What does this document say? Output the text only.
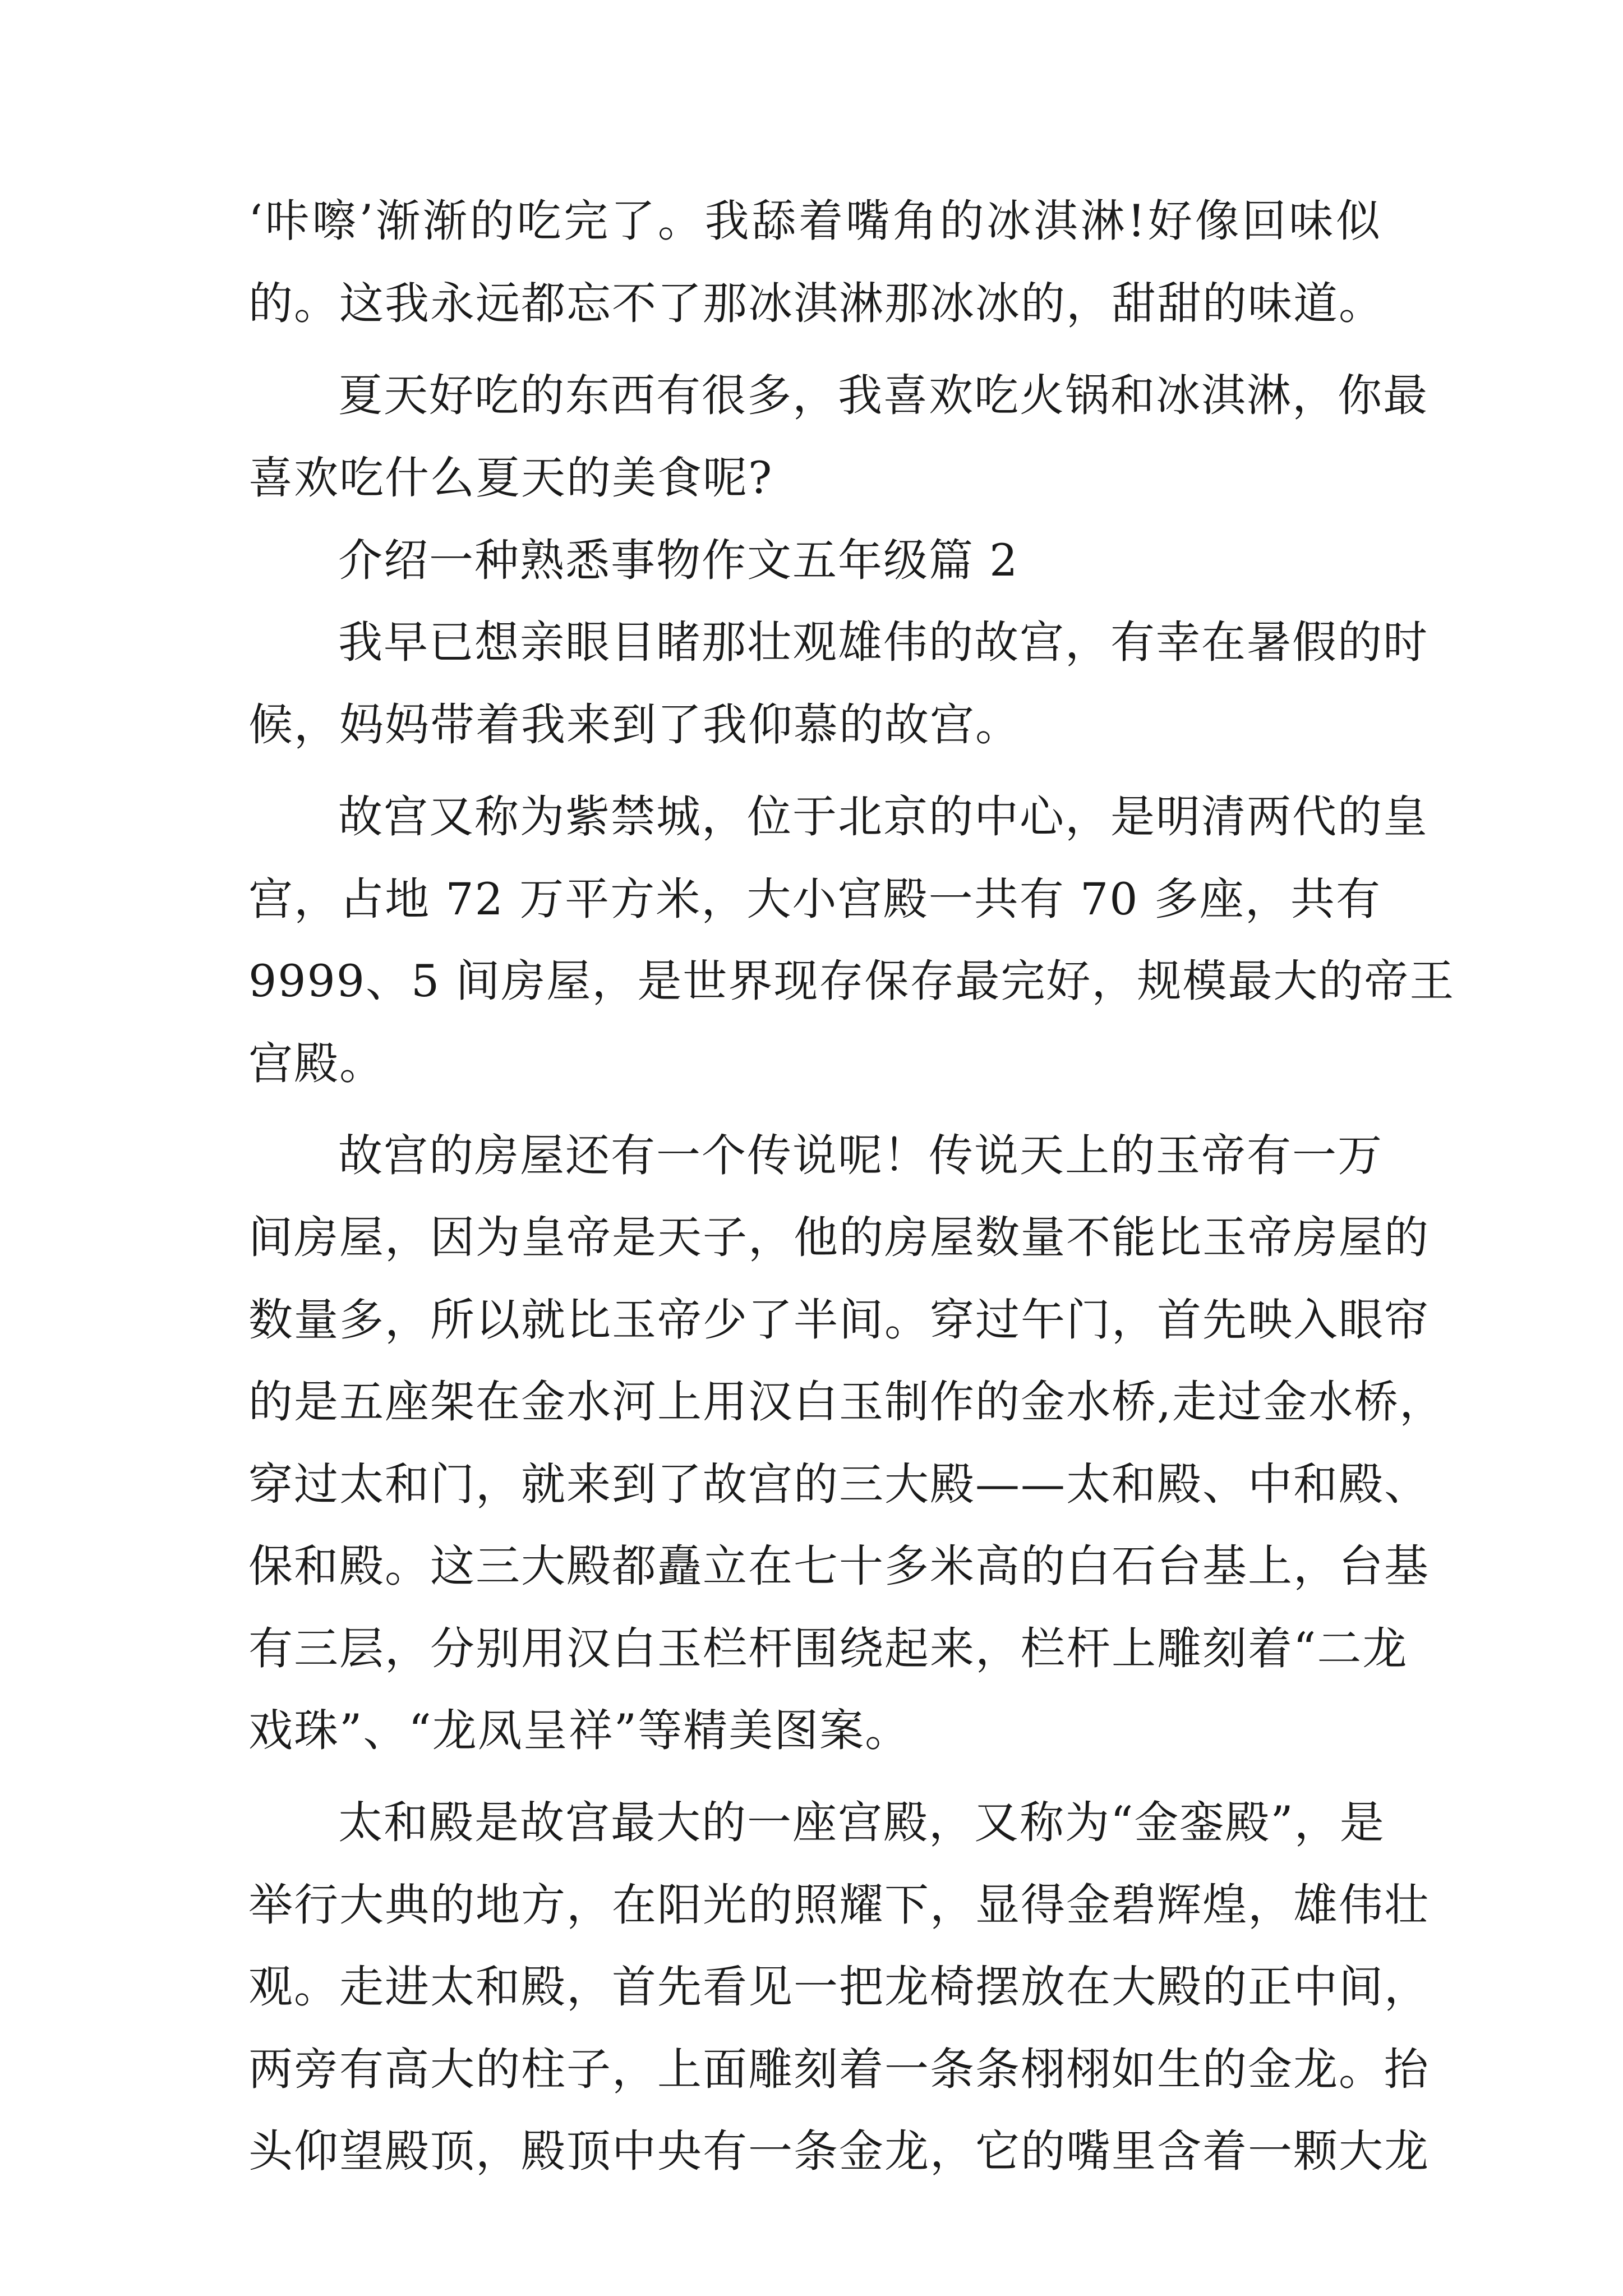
‘咔嚓’渐渐的吃完了。我舔着嘴角的冰淇淋!好像回味似
的。这我永远都忘不了那冰淇淋那冰冰的，甜甜的味道。
夏天好吃的东西有很多，我喜欢吃火锅和冰淇淋，你最
喜欢吃什么夏天的美食呢?
介绍一种熟悉事物作文五年级篇 2
我早已想亲眼目睹那壮观雄伟的故宫，有幸在暑假的时
候，妈妈带着我来到了我仰慕的故宫。
故宫又称为紫禁城，位于北京的中心，是明清两代的皇
宫，占地 72 万平方米，大小宫殿一共有 70 多座，共有
9999、5 间房屋，是世界现存保存最完好，规模最大的帝王
宫殿。
故宫的房屋还有一个传说呢！传说天上的玉帝有一万
间房屋，因为皇帝是天子，他的房屋数量不能比玉帝房屋的
数量多，所以就比玉帝少了半间。穿过午门，首先映入眼帘
的是五座架在金水河上用汉白玉制作的金水桥,走过金水桥，
穿过太和门，就来到了故宫的三大殿——太和殿、中和殿、
保和殿。这三大殿都矗立在七十多米高的白石台基上，台基
有三层，分别用汉白玉栏杆围绕起来，栏杆上雕刻着“二龙
戏珠”、“龙凤呈祥”等精美图案。
太和殿是故宫最大的一座宫殿，又称为“金銮殿”，是
举行大典的地方，在阳光的照耀下，显得金碧辉煌，雄伟壮
观。走进太和殿，首先看见一把龙椅摆放在大殿的正中间，
两旁有高大的柱子，上面雕刻着一条条栩栩如生的金龙。抬
头仰望殿顶，殿顶中央有一条金龙，它的嘴里含着一颗大龙
